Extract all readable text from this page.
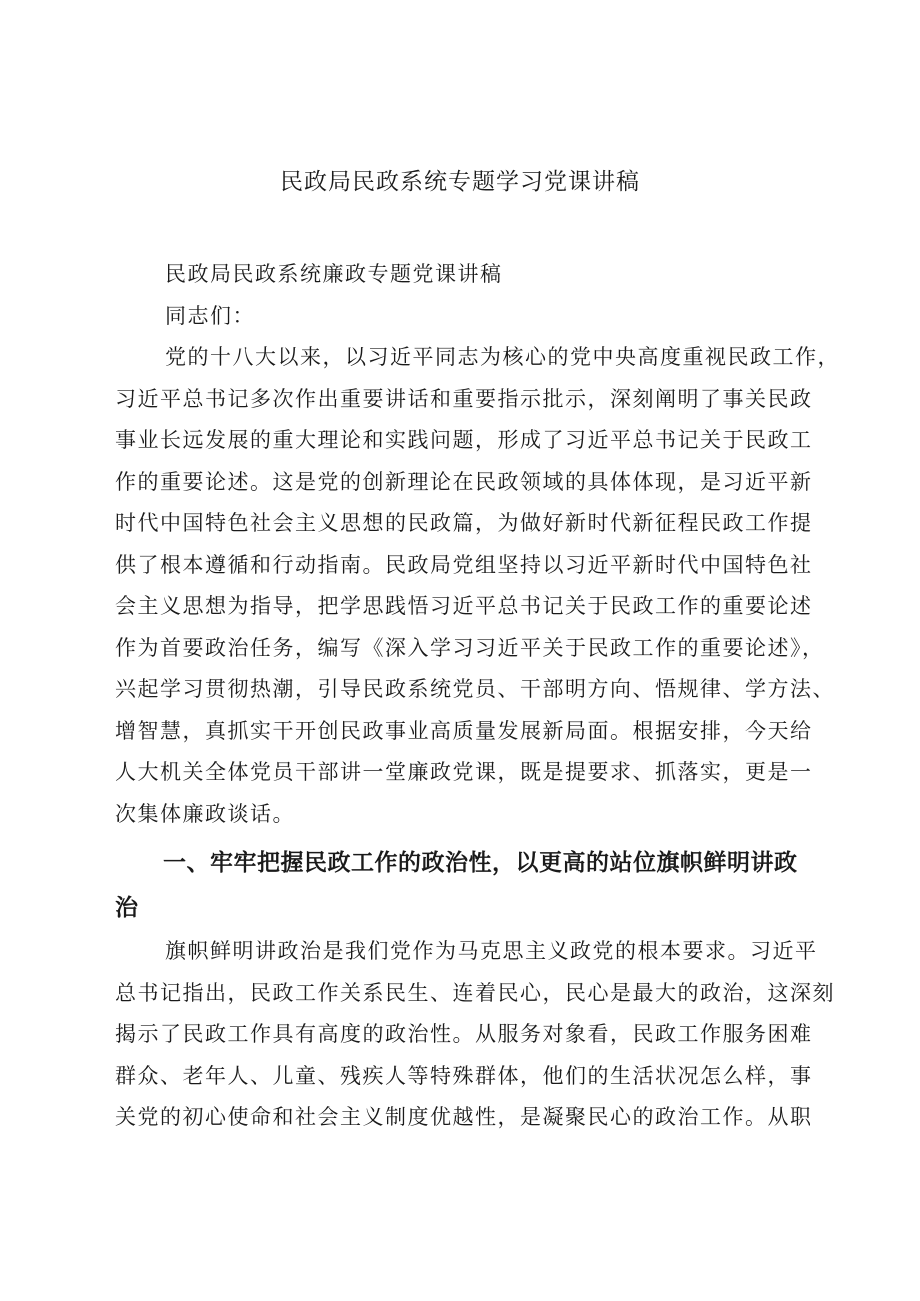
民政局民政系统专题学习党课讲稿

民政局民政系统廉政专题党课讲稿

同志们：

党的十八大以来，以习近平同志为核心的党中央高度重视民政工作，

习近平总书记多次作出重要讲话和重要指示批示，深刻阐明了事关民政

事业长远发展的重大理论和实践问题，形成了习近平总书记关于民政工

作的重要论述。这是党的创新理论在民政领域的具体体现，是习近平新

时代中国特色社会主义思想的民政篇，为做好新时代新征程民政工作提

供了根本遵循和行动指南。民政局党组坚持以习近平新时代中国特色社

会主义思想为指导，把学思践悟习近平总书记关于民政工作的重要论述

作为首要政治任务，编写《深入学习习近平关于民政工作的重要论述》，

兴起学习贯彻热潮，引导民政系统党员、干部明方向、悟规律、学方法、

增智慧，真抓实干开创民政事业高质量发展新局面。根据安排，今天给

人大机关全体党员干部讲一堂廉政党课，既是提要求、抓落实，更是一

次集体廉政谈话。

一、牢牢把握民政工作的政治性，以更高的站位旗帜鲜明讲政

治

旗帜鲜明讲政治是我们党作为马克思主义政党的根本要求。习近平

总书记指出，民政工作关系民生、连着民心，民心是最大的政治，这深刻

揭示了民政工作具有高度的政治性。从服务对象看，民政工作服务困难

群众、老年人、儿童、残疾人等特殊群体，他们的生活状况怎么样，事

关党的初心使命和社会主义制度优越性，是凝聚民心的政治工作。从职
